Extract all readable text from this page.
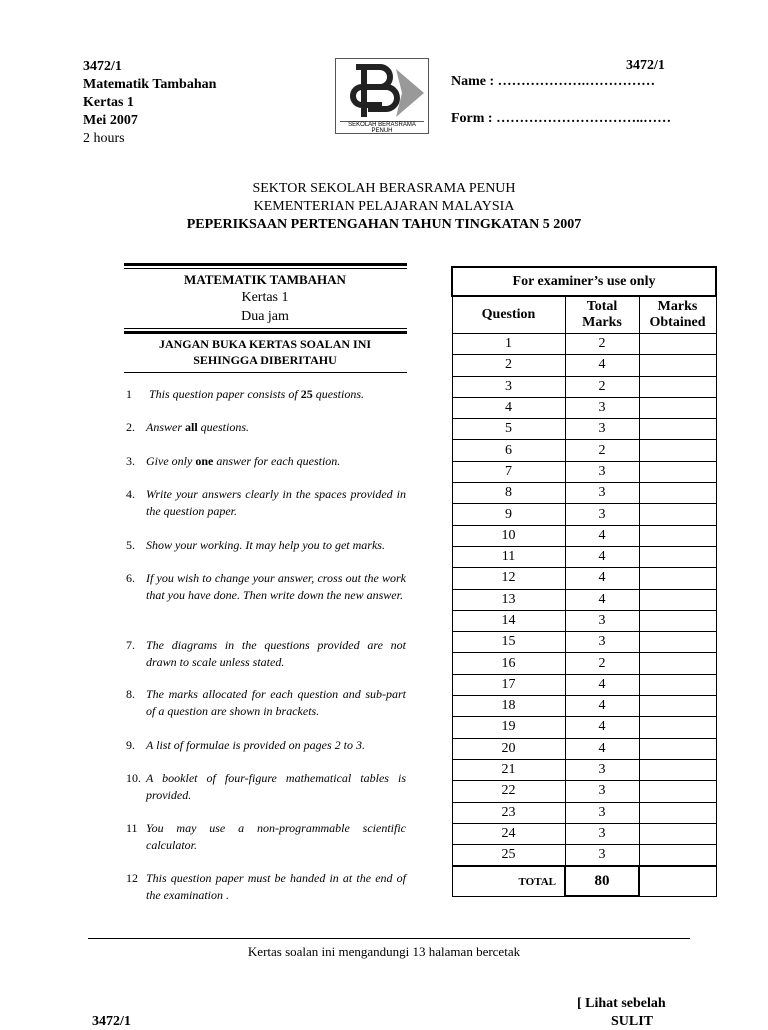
3472/1
Matematik Tambahan
Kertas 1
Mei 2007
2 hours
SEKOLAH BERASRAMA PENUH
3472/1
Name : ……………….……………
Form : …………………………..……
SEKTOR SEKOLAH BERASRAMA PENUH
KEMENTERIAN PELAJARAN MALAYSIA
PEPERIKSAAN PERTENGAHAN TAHUN TINGKATAN 5 2007
MATEMATIK TAMBAHAN
Kertas 1
Dua jam
JANGAN BUKA KERTAS SOALAN INI
SEHINGGA DIBERITAHU
1 This question paper consists of 25 questions.
2. Answer all questions.
3. Give only one answer for each question.
4. Write your answers clearly in the spaces provided in the question paper.
5. Show your working. It may help you to get marks.
6. If you wish to change your answer, cross out the work that you have done. Then write down the new answer.
7. The diagrams in the questions provided are not drawn to scale unless stated.
8. The marks allocated for each question and sub-part of a question are shown in brackets.
9. A list of formulae is provided on pages 2 to 3.
10. A booklet of four-figure mathematical tables is provided.
11 You may use a non-programmable scientific calculator.
12 This question paper must be handed in at the end of the examination .
For examiner’s use only		
Question	Total Marks	Marks Obtained
1	2	
2	4	
3	2	
4	3	
5	3	
6	2	
7	3	
8	3	
9	3	
10	4	
11	4	
12	4	
13	4	
14	3	
15	3	
16	2	
17	4	
18	4	
19	4	
20	4	
21	3	
22	3	
23	3	
24	3	
25	3	
TOTAL	80	
Kertas soalan ini mengandungi 13 halaman bercetak
[ Lihat sebelah
SULIT
3472/1
